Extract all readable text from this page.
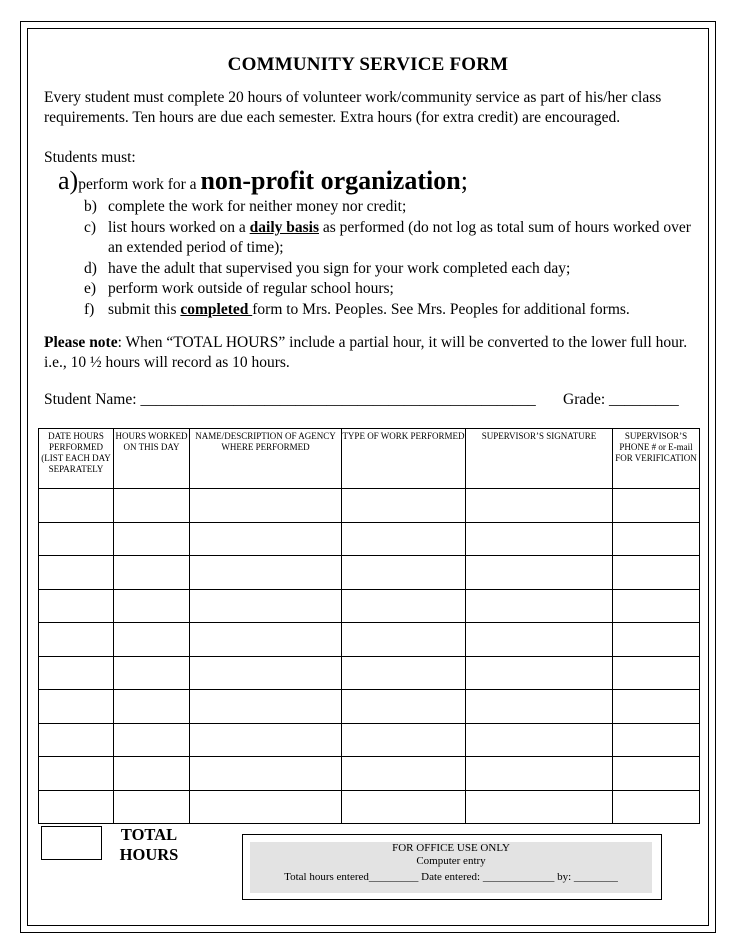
COMMUNITY SERVICE FORM
Every student must complete 20 hours of volunteer work/community service as part of his/her class requirements. Ten hours are due each semester. Extra hours (for extra credit) are encouraged.
Students must:
a)perform work for a non-profit organization;
b) complete the work for neither money nor credit;
c) list hours worked on a daily basis as performed (do not log as total sum of hours worked over an extended period of time);
d) have the adult that supervised you sign for your work completed each day;
e) perform work outside of regular school hours;
f) submit this completed form to Mrs. Peoples. See Mrs. Peoples for additional forms.
Please note: When “TOTAL HOURS” include a partial hour, it will be converted to the lower full hour. i.e., 10 ½ hours will record as 10 hours.
Student Name: ___________________________________________________ Grade: _________
DATE HOURS PERFORMED (LIST EACH DAY SEPARATELY	HOURS WORKED ON THIS DAY	NAME/DESCRIPTION OF AGENCY WHERE PERFORMED	TYPE OF WORK PERFORMED	SUPERVISOR’S SIGNATURE	SUPERVISOR’S PHONE # or E-mail FOR VERIFICATION

TOTAL
HOURS	FOR OFFICE USE ONLY
Computer entry
Total hours entered_________ Date entered: _____________ by: ________
